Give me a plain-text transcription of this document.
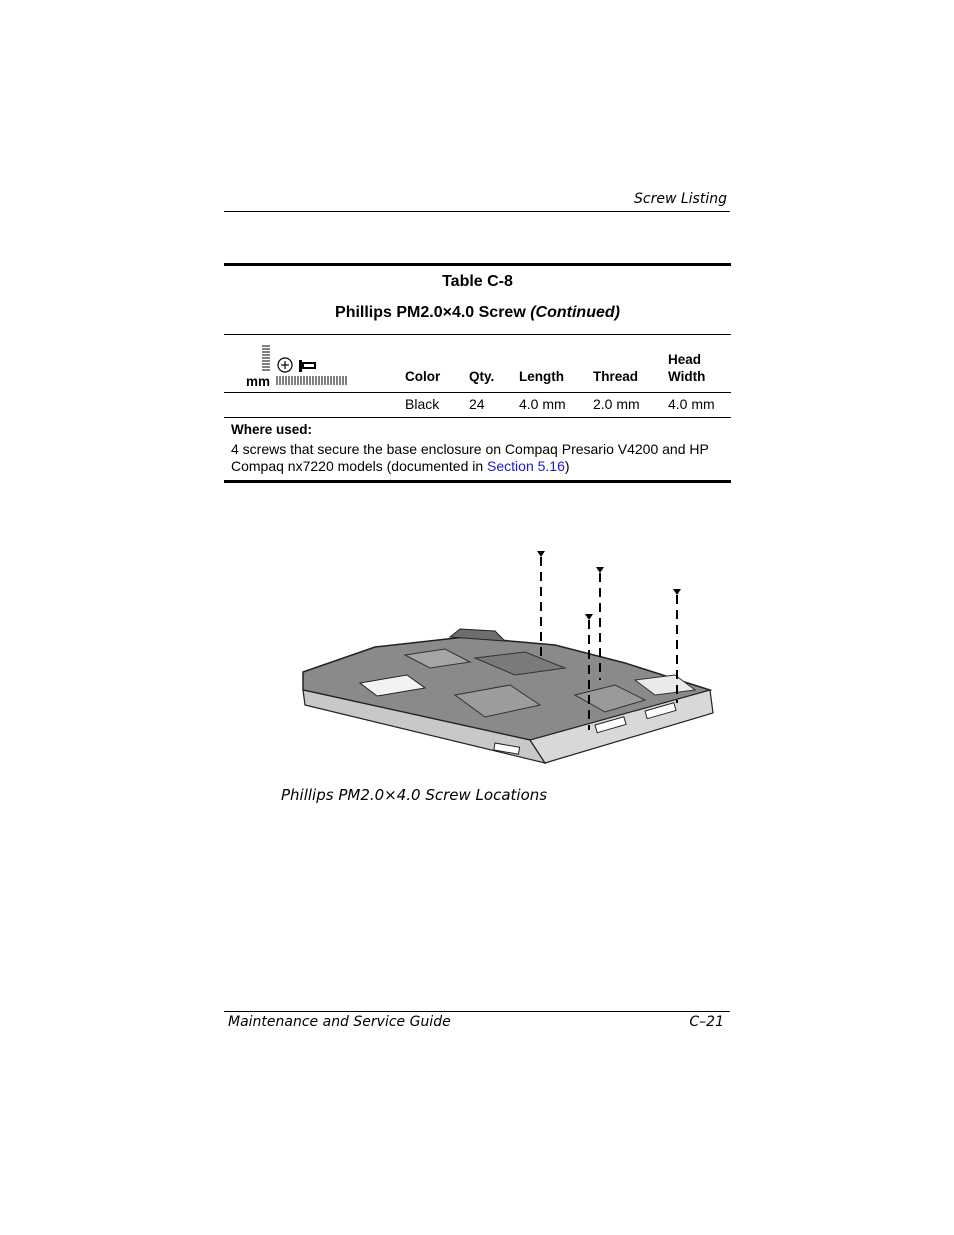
Screw Listing
Table C-8
Phillips PM2.0×4.0 Screw (Continued)
mm	Color Qty. Length Thread
Head
Width
Black 24 4.0 mm 2.0 mm 4.0 mm
Where used:
4 screws that secure the base enclosure on Compaq Presario V4200 and HP Compaq nx7220 models (documented in Section 5.16)
Phillips PM2.0×4.0 Screw Locations
Maintenance and Service Guide	C–21
